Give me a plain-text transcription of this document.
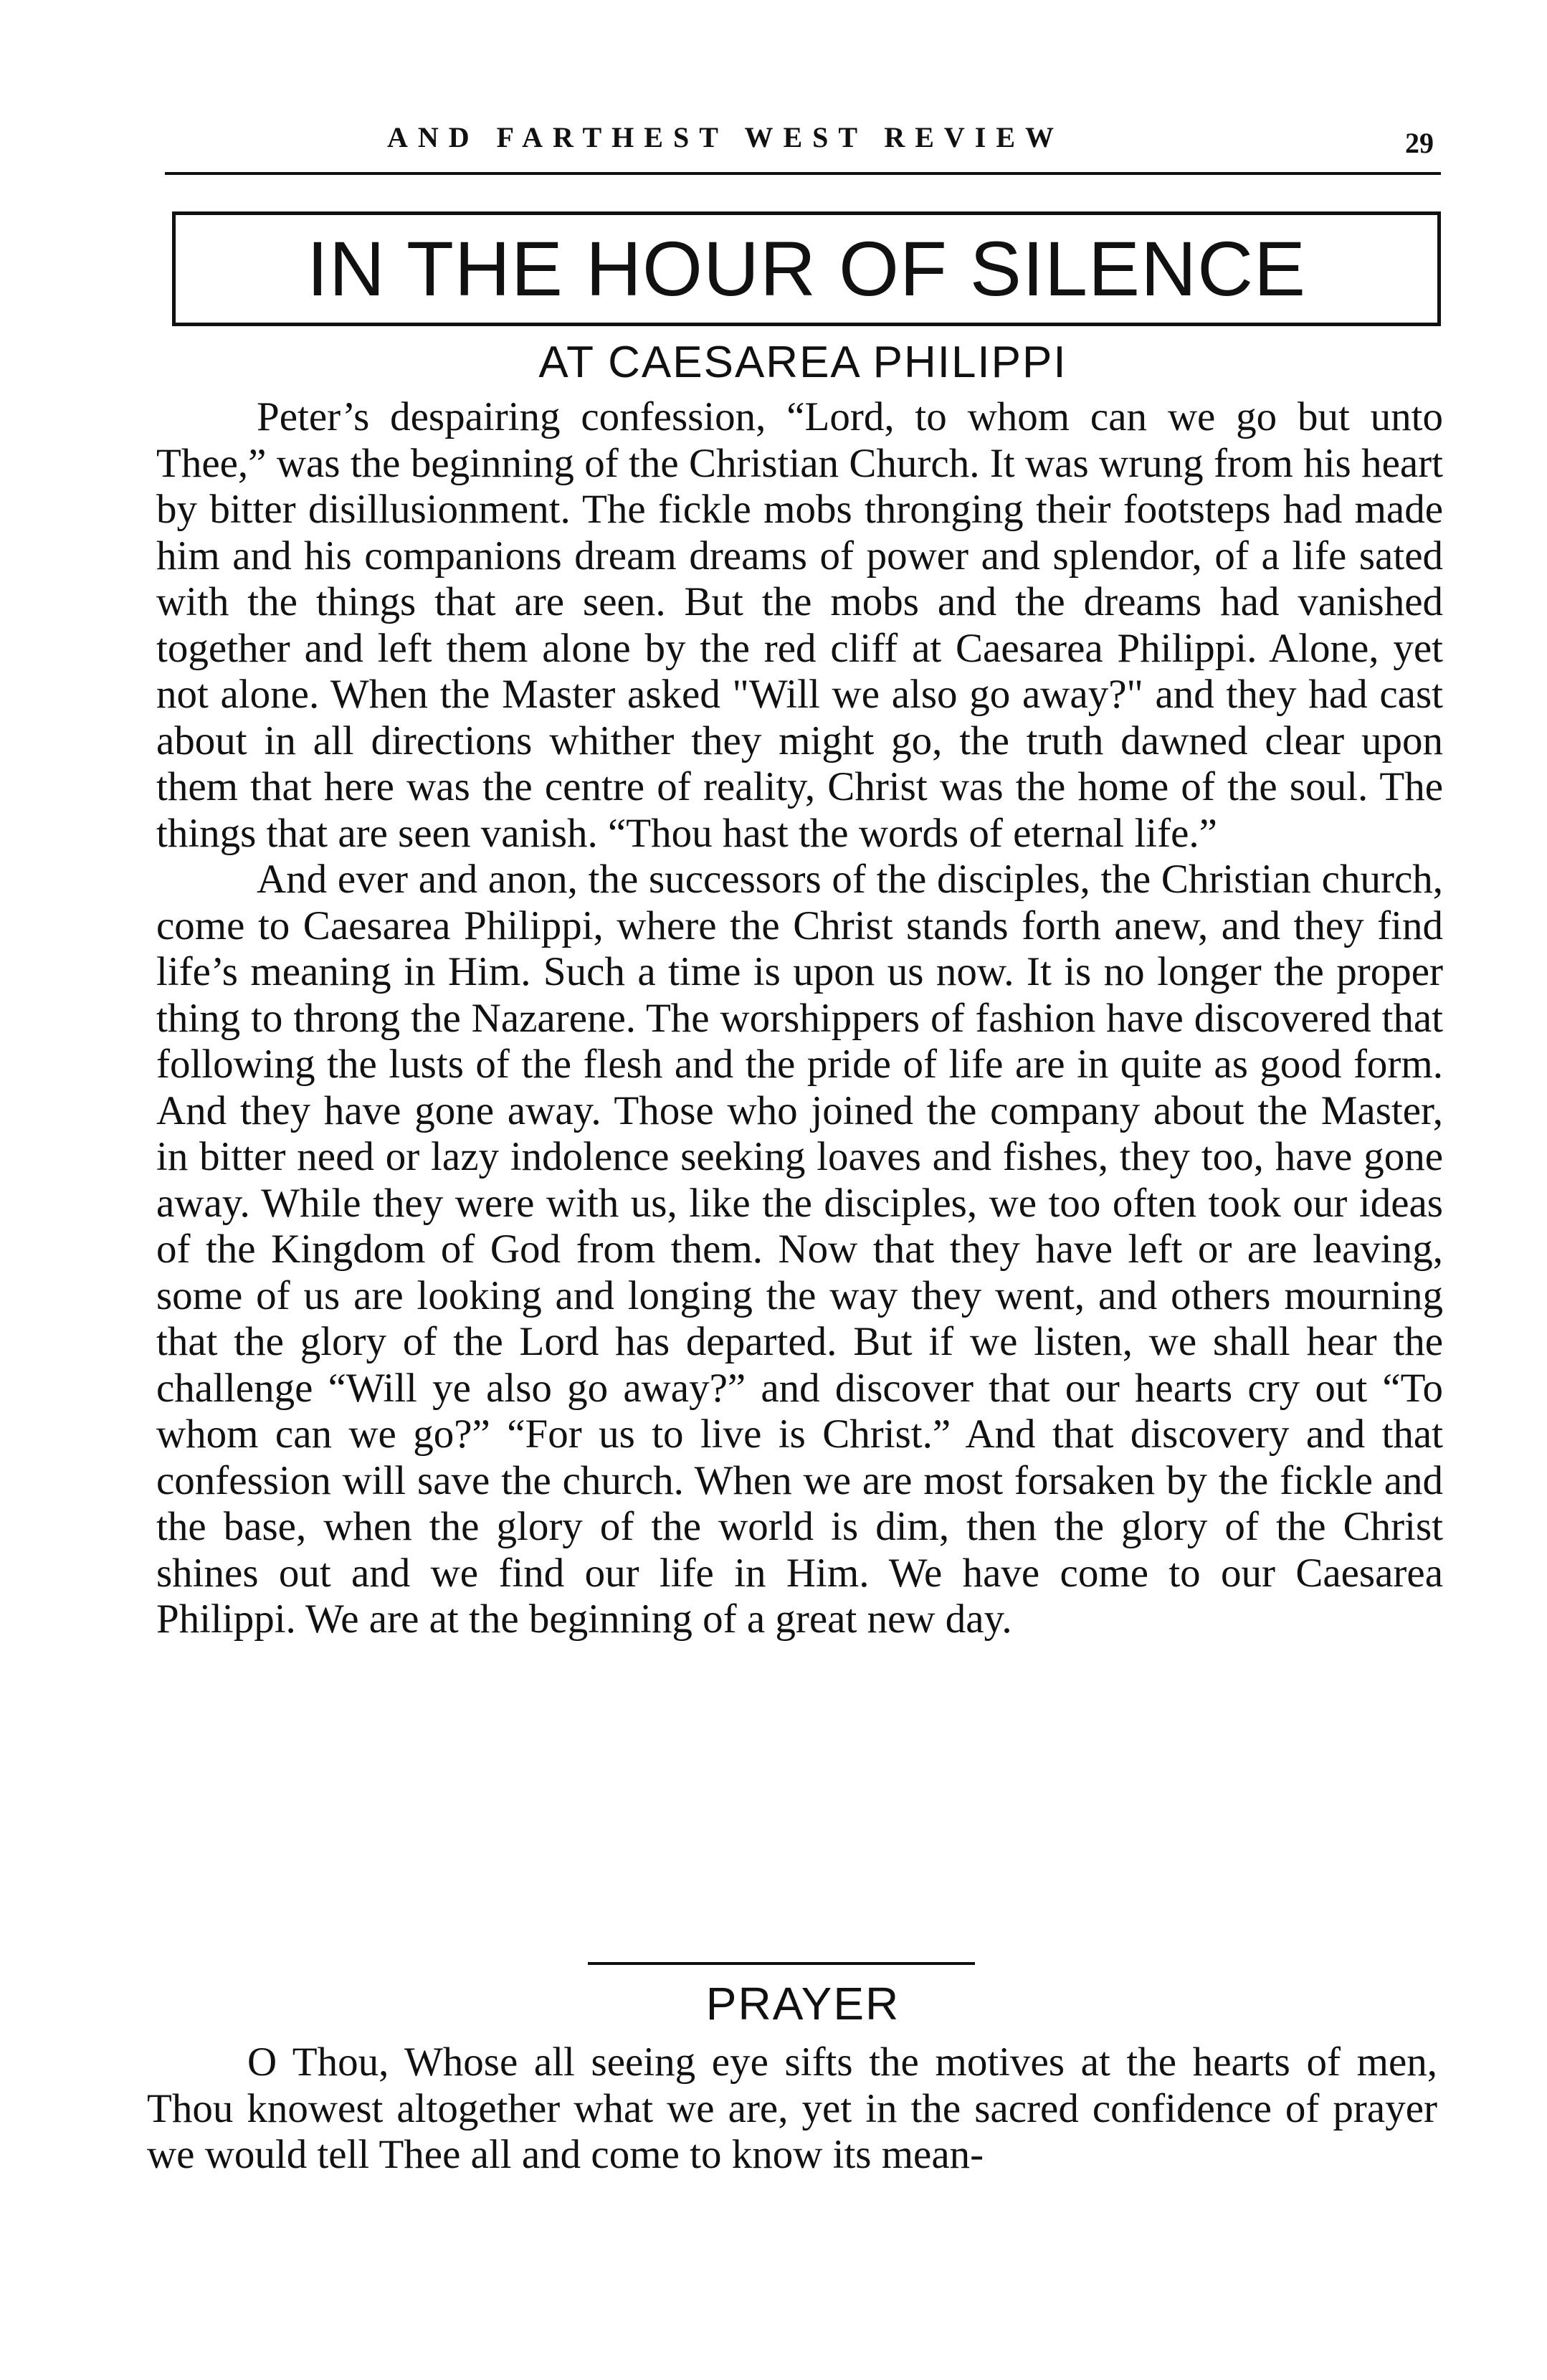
AND FARTHEST WEST REVIEW	29
IN THE HOUR OF SILENCE
AT CAESAREA PHILIPPI

Peter’s despairing confession, “Lord, to whom can we go but unto Thee,” was the beginning of the Christian Church. It was wrung from his heart by bitter disillusionment. The fickle mobs thronging their footsteps had made him and his companions dream dreams of power and splendor, of a life sated with the things that are seen. But the mobs and the dreams had vanished together and left them alone by the red cliff at Caesarea Philippi. Alone, yet not alone. When the Master asked "Will we also go away?" and they had cast about in all directions whither they might go, the truth dawned clear upon them that here was the centre of reality, Christ was the home of the soul. The things that are seen vanish. “Thou hast the words of eternal life.”

And ever and anon, the successors of the disciples, the Christian church, come to Caesarea Philippi, where the Christ stands forth anew, and they find life’s meaning in Him. Such a time is upon us now. It is no longer the proper thing to throng the Nazarene. The worshippers of fashion have discovered that following the lusts of the flesh and the pride of life are in quite as good form. And they have gone away. Those who joined the company about the Master, in bitter need or lazy indolence seeking loaves and fishes, they too, have gone away. While they were with us, like the disciples, we too often took our ideas of the Kingdom of God from them. Now that they have left or are leaving, some of us are looking and longing the way they went, and others mourning that the glory of the Lord has departed. But if we listen, we shall hear the challenge “Will ye also go away?” and discover that our hearts cry out “To whom can we go?” “For us to live is Christ.” And that discovery and that confession will save the church. When we are most forsaken by the fickle and the base, when the glory of the world is dim, then the glory of the Christ shines out and we find our life in Him. We have come to our Caesarea Philippi. We are at the beginning of a great new day.

PRAYER

O Thou, Whose all seeing eye sifts the motives at the hearts of men, Thou knowest altogether what we are, yet in the sacred confidence of prayer we would tell Thee all and come to know its mean-
